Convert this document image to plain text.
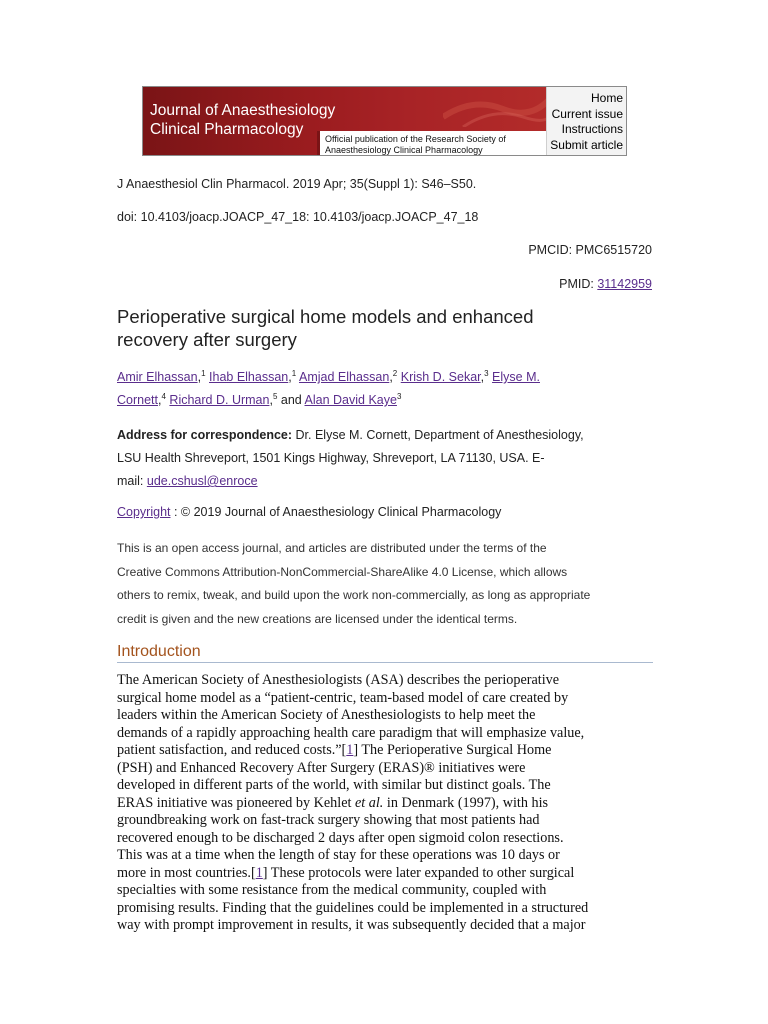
Journal of Anaesthesiology
Clinical Pharmacology
Official publication of the Research Society of
Anaesthesiology Clinical Pharmacology
Home
Current issue
Instructions
Submit article
J Anaesthesiol Clin Pharmacol. 2019 Apr; 35(Suppl 1): S46–S50.
doi: 10.4103/joacp.JOACP_47_18: 10.4103/joacp.JOACP_47_18
PMCID: PMC6515720
PMID: 31142959
Perioperative surgical home models and enhanced
recovery after surgery
Amir Elhassan,$^1$ Ihab Elhassan,$^1$ Amjad Elhassan,$^2$ Krish D. Sekar,$^3$ Elyse M.
Cornett,$^4$ Richard D. Urman,$^5$ and Alan David Kaye$^3$
Address for correspondence: Dr. Elyse M. Cornett, Department of Anesthesiology,
LSU Health Shreveport, 1501 Kings Highway, Shreveport, LA 71130, USA. E-
mail: ude.cshusl@enroce
Copyright : © 2019 Journal of Anaesthesiology Clinical Pharmacology
This is an open access journal, and articles are distributed under the terms of the
Creative Commons Attribution-NonCommercial-ShareAlike 4.0 License, which allows
others to remix, tweak, and build upon the work non-commercially, as long as appropriate
credit is given and the new creations are licensed under the identical terms.
Introduction
The American Society of Anesthesiologists (ASA) describes the perioperative
surgical home model as a “patient-centric, team-based model of care created by
leaders within the American Society of Anesthesiologists to help meet the
demands of a rapidly approaching health care paradigm that will emphasize value,
patient satisfaction, and reduced costs.”[1] The Perioperative Surgical Home
(PSH) and Enhanced Recovery After Surgery (ERAS)® initiatives were
developed in different parts of the world, with similar but distinct goals. The
ERAS initiative was pioneered by Kehlet et al. in Denmark (1997), with his
groundbreaking work on fast-track surgery showing that most patients had
recovered enough to be discharged 2 days after open sigmoid colon resections.
This was at a time when the length of stay for these operations was 10 days or
more in most countries.[1] These protocols were later expanded to other surgical
specialties with some resistance from the medical community, coupled with
promising results. Finding that the guidelines could be implemented in a structured
way with prompt improvement in results, it was subsequently decided that a major
